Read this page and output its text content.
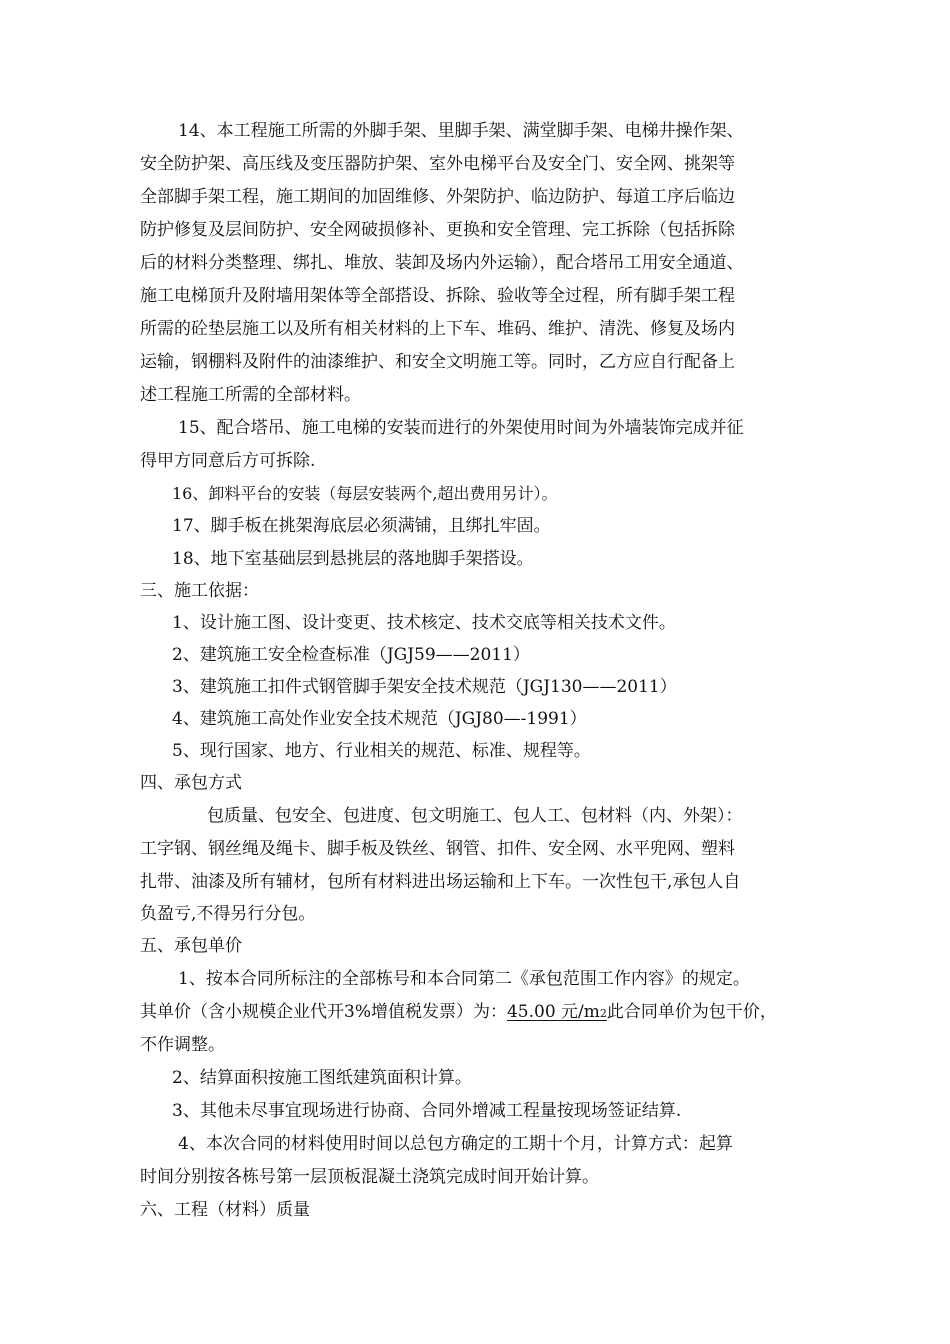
14、本工程施工所需的外脚手架、里脚手架、满堂脚手架、电梯井操作架、
安全防护架、高压线及变压器防护架、室外电梯平台及安全门、安全网、挑架等
全部脚手架工程，施工期间的加固维修、外架防护、临边防护、每道工序后临边
防护修复及层间防护、安全网破损修补、更换和安全管理、完工拆除（包括拆除
后的材料分类整理、绑扎、堆放、装卸及场内外运输），配合塔吊工用安全通道、
施工电梯顶升及附墙用架体等全部搭设、拆除、验收等全过程，所有脚手架工程
所需的砼垫层施工以及所有相关材料的上下车、堆码、维护、清洗、修复及场内
运输，钢棚料及附件的油漆维护、和安全文明施工等。同时，乙方应自行配备上
述工程施工所需的全部材料。
15、配合塔吊、施工电梯的安装而进行的外架使用时间为外墙装饰完成并征
得甲方同意后方可拆除.
16、卸料平台的安装（每层安装两个,超出费用另计）。
17、脚手板在挑架海底层必须满铺，且绑扎牢固。
18、地下室基础层到悬挑层的落地脚手架搭设。
三、施工依据：
1、设计施工图、设计变更、技术核定、技术交底等相关技术文件。
2、建筑施工安全检查标准（JGJ59——2011）
3、建筑施工扣件式钢管脚手架安全技术规范（JGJ130——2011）
4、建筑施工高处作业安全技术规范（JGJ80—-1991）
5、现行国家、地方、行业相关的规范、标准、规程等。
四、承包方式
包质量、包安全、包进度、包文明施工、包人工、包材料（内、外架）：
工字钢、钢丝绳及绳卡、脚手板及铁丝、钢管、扣件、安全网、水平兜网、塑料
扎带、油漆及所有辅材，包所有材料进出场运输和上下车。一次性包干,承包人自
负盈亏,不得另行分包。
五、承包单价
1、按本合同所标注的全部栋号和本合同第二《承包范围工作内容》的规定。
其单价（含小规模企业代开3%增值税发票）为：45.00 元/m2此合同单价为包干价，
不作调整。
2、结算面积按施工图纸建筑面积计算。
3、其他未尽事宜现场进行协商、合同外增减工程量按现场签证结算.
4、本次合同的材料使用时间以总包方确定的工期十个月，计算方式：起算
时间分别按各栋号第一层顶板混凝土浇筑完成时间开始计算。
六、工程（材料）质量
